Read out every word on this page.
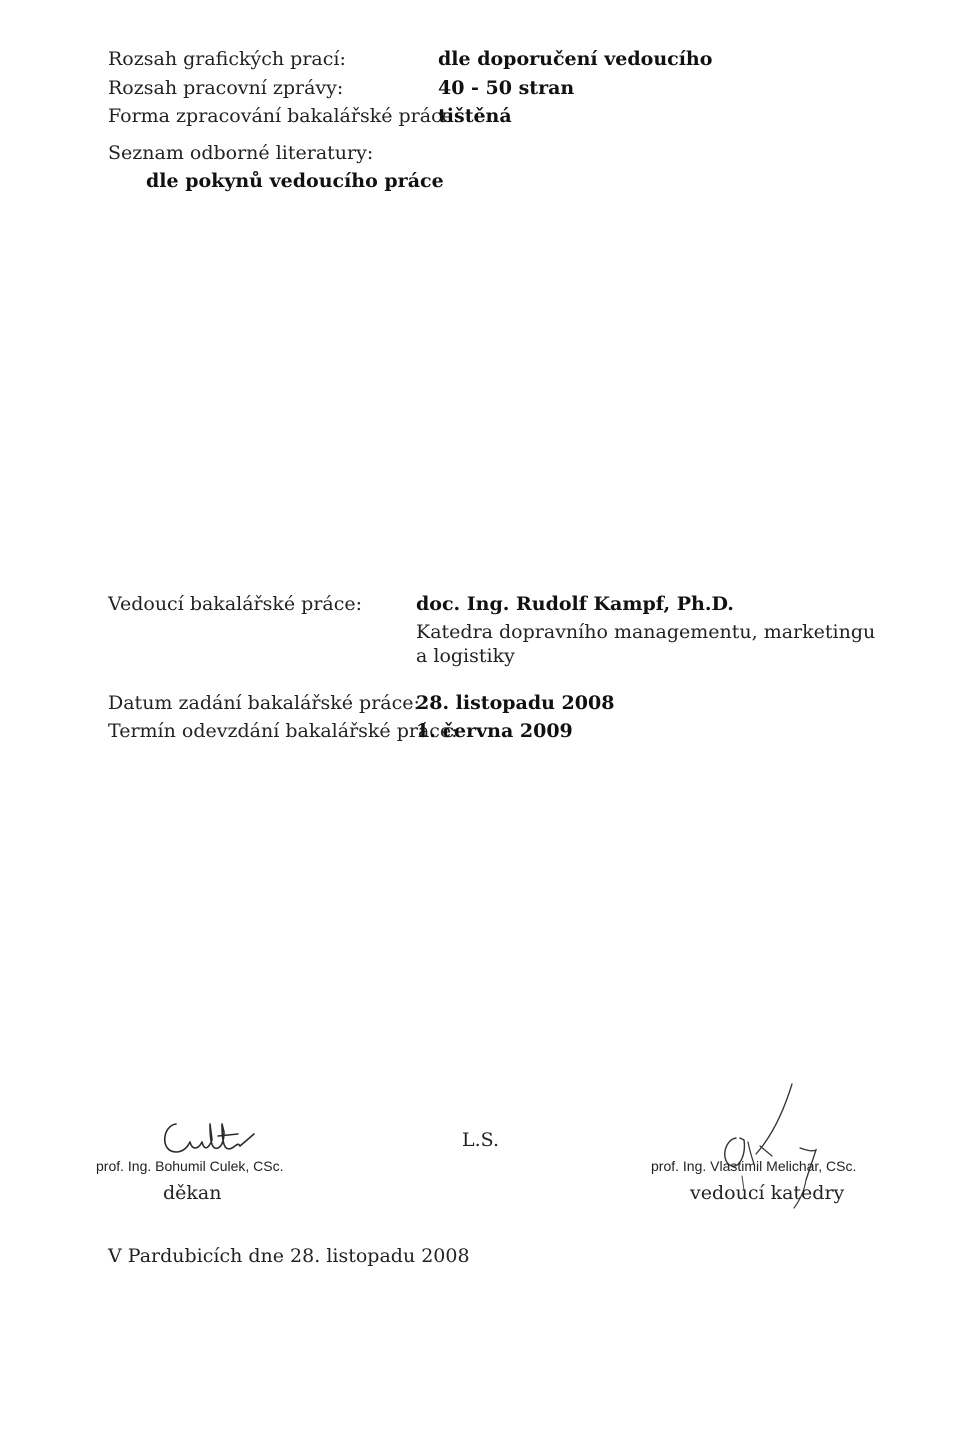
Rozsah grafických prací:	dle doporučení vedoucího
Rozsah pracovní zprávy:	40 - 50 stran
Forma zpracování bakalářské práce:
tištěná
Seznam odborné literatury:
dle pokynů vedoucího práce
Vedoucí bakalářské práce:	doc. Ing. Rudolf Kampf, Ph.D.
Katedra dopravního managementu, marketingu
a logistiky
Datum zadání bakalářské práce:
28. listopadu 2008
Termín odevzdání bakalářské práce:
1. června 2009
prof. Ing. Bohumil Culek, CSc.
děkan
L.S.
prof. Ing. Vlastimil Melichar, CSc.
vedoucí katedry
V Pardubicích dne 28. listopadu 2008
